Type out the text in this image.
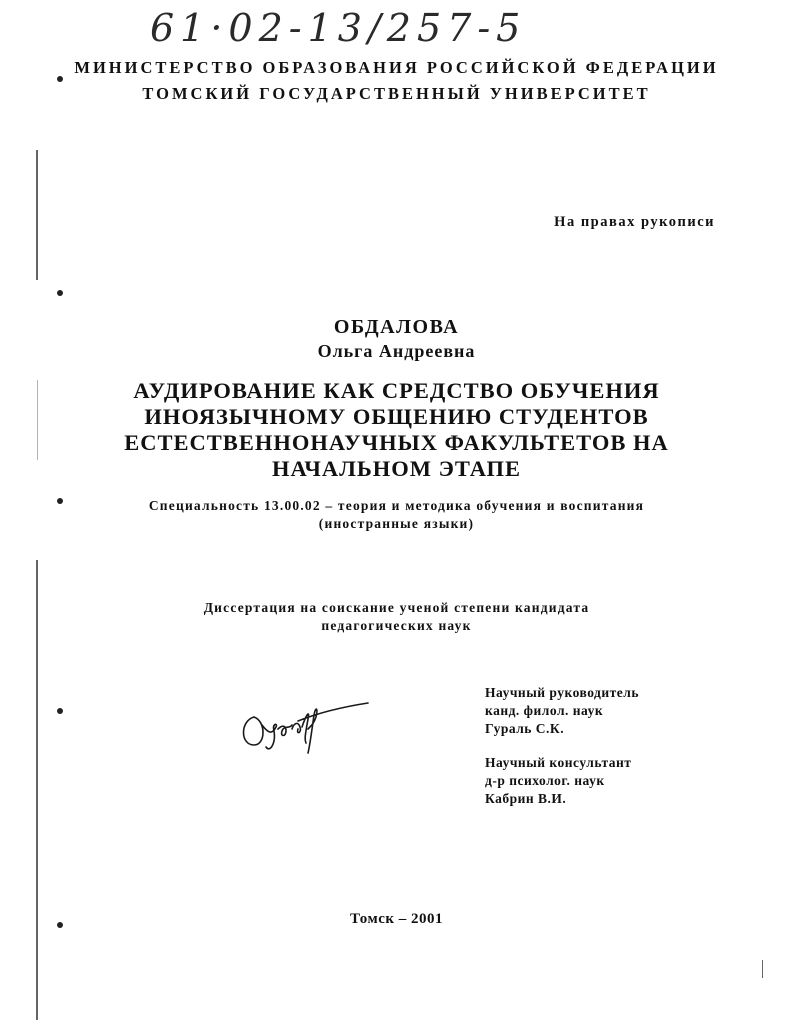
61·02-13/257-5
МИНИСТЕРСТВО ОБРАЗОВАНИЯ РОССИЙСКОЙ ФЕДЕРАЦИИ
ТОМСКИЙ ГОСУДАРСТВЕННЫЙ УНИВЕРСИТЕТ
На правах рукописи
ОБДАЛОВА
Ольга Андреевна
АУДИРОВАНИЕ КАК СРЕДСТВО ОБУЧЕНИЯ
ИНОЯЗЫЧНОМУ ОБЩЕНИЮ СТУДЕНТОВ
ЕСТЕСТВЕННОНАУЧНЫХ ФАКУЛЬТЕТОВ НА
НАЧАЛЬНОМ ЭТАПЕ
Специальность 13.00.02 – теория и методика обучения и воспитания
(иностранные языки)
Диссертация на соискание ученой степени кандидата
педагогических наук
Научный руководитель
канд. филол. наук
Гураль С.К.
Научный консультант
д-р психолог. наук
Кабрин В.И.
Томск – 2001
